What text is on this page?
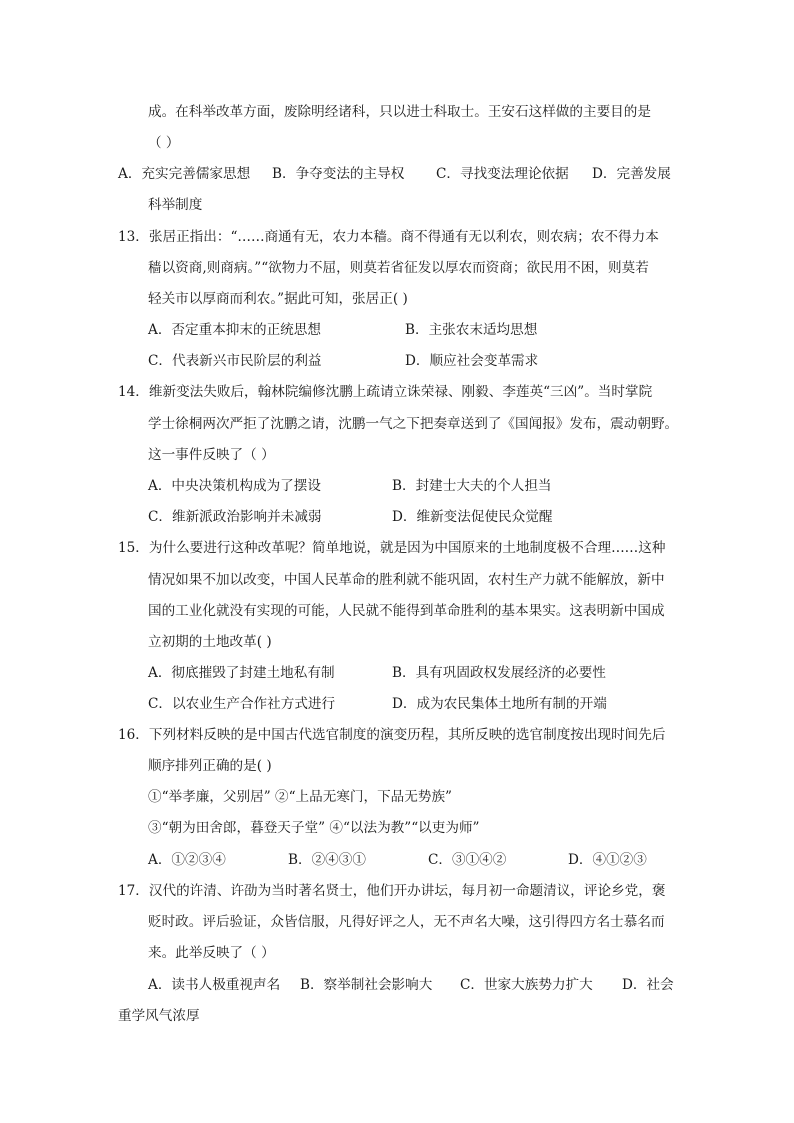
成。在科举改革方面，废除明经诸科，只以进士科取士。王安石这样做的主要目的是
（ ）
A．充实完善儒家思想 B．争夺变法的主导权 C．寻找变法理论依据 D．完善发展
科举制度
13．张居正指出：“……商通有无，农力本穑。商不得通有无以利农，则农病；农不得力本
穑以资商,则商病。”“欲物力不屈，则莫若省征发以厚农而资商；欲民用不困，则莫若
轻关市以厚商而利农。”据此可知，张居正( )
A．否定重本抑末的正统思想	B．主张农末适均思想
C．代表新兴市民阶层的利益	D．顺应社会变革需求
14．维新变法失败后，翰林院编修沈鹏上疏请立诛荣禄、刚毅、李莲英“三凶”。当时掌院
学士徐桐两次严拒了沈鹏之请，沈鹏一气之下把奏章送到了《国闻报》发布，震动朝野。
这一事件反映了（ ）
A．中央决策机构成为了摆设	B．封建士大夫的个人担当
C．维新派政治影响并未减弱	D．维新变法促使民众觉醒
15．为什么要进行这种改革呢？简单地说，就是因为中国原来的土地制度极不合理……这种
情况如果不加以改变，中国人民革命的胜利就不能巩固，农村生产力就不能解放，新中
国的工业化就没有实现的可能，人民就不能得到革命胜利的基本果实。这表明新中国成
立初期的土地改革( )
A．彻底摧毁了封建土地私有制	B．具有巩固政权发展经济的必要性
C．以农业生产合作社方式进行	D．成为农民集体土地所有制的开端
16．下列材料反映的是中国古代选官制度的演变历程，其所反映的选官制度按出现时间先后
顺序排列正确的是( )
①“举孝廉，父别居” ②“上品无寒门，下品无势族”
③“朝为田舍郎，暮登天子堂” ④“以法为教”“以吏为师”
A．①②③④	B．②④③①	C．③①④②	D．④①②③
17．汉代的许清、许劭为当时著名贤士，他们开办讲坛，每月初一命题清议，评论乡党，褒
贬时政。评后验证，众皆信服，凡得好评之人，无不声名大噪，这引得四方名士慕名而
来。此举反映了（ ）
A．读书人极重视声名 B．察举制社会影响大 C．世家大族势力扩大 D．社会
重学风气浓厚
